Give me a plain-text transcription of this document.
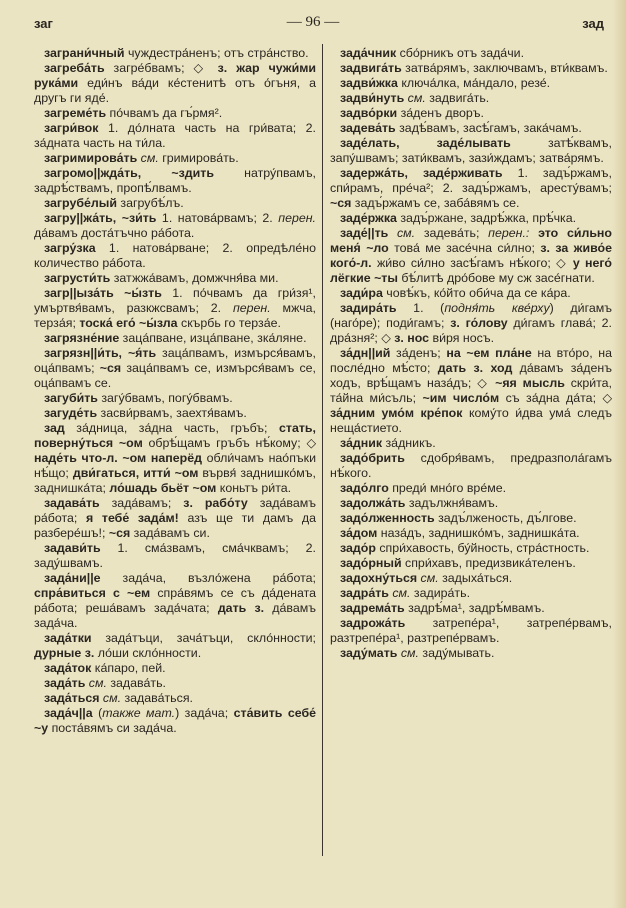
заг	— 96 —	зад

заграни́чный чуждестра́ненъ; отъ стра́нство.

загреба́ть загре́бвамъ; ◇ з. жар чужи́ми рука́ми еди́нъ ва́ди ке́стенитѣ отъ о́гъня, а другъ ги яде́.

загреме́ть по́чвамъ да гъ́рмя².

загри́вок 1. до́лната часть на гри́вата; 2. за́дната часть на ти́ла.

загримирова́ть см. гримирова́ть.

загромо||жда́ть, ~здить натру́пвамъ, задрѣ́ствамъ, пропѣ́лвамъ.

загрубе́лый загрубѣ́лъ.

загру||жа́ть, ~зи́ть 1. натова́рвамъ; 2. перен. да́вамъ доста́тъчно ра́бота.

загру́зка 1. натова́рване; 2. опредѣле́но количество ра́бота.

загрусти́ть затжжа́вамъ, домжчня́ва ми.

загр||ыза́ть ~ы́зть 1. по́чвамъ да гри́зя¹, умъртвя́вамъ, разкжсвамъ; 2. перен. мжча, терза́я; тоска́ его́ ~ы́зла скърбь го терза́е.

загрязне́ние заца́пване, изца́пване, зка́ляне.

загрязн||и́ть, ~я́ть заца́пвамъ, измърся́вамъ, оца́пвамъ; ~ся заца́пвамъ се, измърся́вамъ се, оца́пвамъ се.

загуби́ть загу́бвамъ, погу́бвамъ.

загуде́ть засви́рвамъ, заехтя́вамъ.

зад за́дница, за́дна часть, гръбъ; стать, поверну́ться ~ом обрѣ́щамъ гръбъ нѣ́кому; ◇ наде́ть что-л. ~ом наперёд обли́чамъ нао́пъки нѣ́що; дви́гаться, итти́ ~ом вървя́ заднишко́мъ, заднишка́та; ло́шадь бьёт ~ом коньтъ ри́та.

задава́ть зада́вамъ; з. рабо́ту зада́вамъ ра́бота; я тебе́ зада́м! азъ ще ти дамъ да разбере́шъ!; ~ся зада́вамъ си.

задави́ть 1. сма́звамъ, сма́чквамъ; 2. заду́швамъ.

зада́ни||е зада́ча, възло́жена ра́бота; спра́виться с ~ем спра́вямъ се съ да́дената ра́бота; реша́вамъ зада́чата; дать з. да́вамъ зада́ча.

зада́тки зада́тъци, зача́тъци, скло́нности; дурные з. ло́ши скло́нности.

зада́ток ка́паро, пей.

зада́ть см. задава́ть.

зада́ться см. задава́ться.

зада́ч||а (также мат.) зада́ча; ста́вить себе́ ~у поста́вямъ си зада́ча.

зада́чник сбо́рникъ отъ зада́чи.

задвига́ть затва́рямъ, заключвамъ, вти́квамъ.

задви́жка ключа́лка, ма́ндало, резе́.

задви́нуть см. задвига́ть.

задво́рки за́денъ дворъ.

задева́ть задѣ́вамъ, засѣ́гамъ, зака́чамъ.

заде́лать, заде́лывать затѣ́квамъ, запу́швамъ; зати́квамъ, зази́ждамъ; затва́рямъ.

задержа́ть, заде́рживать 1. задъ́ржамъ, спи́рамъ, пре́ча²; 2. задъ́ржамъ, аресту́вамъ; ~ся задъ́ржамъ се, заба́вямъ се.

заде́ржка задъ́ржане, задрѣ́жка, прѣ́чка.

заде́||ть см. задева́ть; перен.: это си́льно меня́ ~ло това́ ме засе́чна си́лно; з. за живо́е кого́-л. жи́во си́лно засѣ́гамъ нѣ́кого; ◇ у него́ лёгкие ~ты бѣ́литѣ дро́бове му сж засе́гнати.

зади́ра човѣ́къ, ко́йто оби́ча да се ка́ра.

задира́ть 1. (подня́ть кве́рху) ди́гамъ (наго́ре); поди́гамъ; з. го́лову ди́гамъ глава́; 2. дра́зня²; ◇ з. нос ви́ря носъ.

за́дн||ий за́денъ; на ~ем пла́не на вто́ро, на после́дно мѣ́сто; дать з. ход да́вамъ за́денъ ходъ, врѣ́щамъ наза́дъ; ◇ ~яя мысль скри́та, та́йна ми́съль; ~им число́м съ за́дна да́та; ◇ за́дним умо́м кре́пок кому́то и́два ума́ следъ неща́стието.

за́дник за́дникъ.

задо́брить сдобря́вамъ, предразпола́гамъ нѣ́кого.

задо́лго преди́ мно́го вре́ме.

задолжа́ть задължня́вамъ.

задо́лженность задъ́лженость, дъ́лгове.

за́дом наза́дъ, заднишко́мъ, заднишка́та.

задо́р спри́хавость, бу́йность, стра́стность.

задо́рный спри́хавъ, предизвика́теленъ.

задохну́ться см. задыха́ться.

задра́ть см. задира́ть.

задрема́ть задрѣ́ма¹, задрѣ́мвамъ.

задрожа́ть затрепе́ра¹, затрепе́рвамъ, разтрепе́ра¹, разтрепе́рвамъ.

заду́мать см. заду́мывать.
